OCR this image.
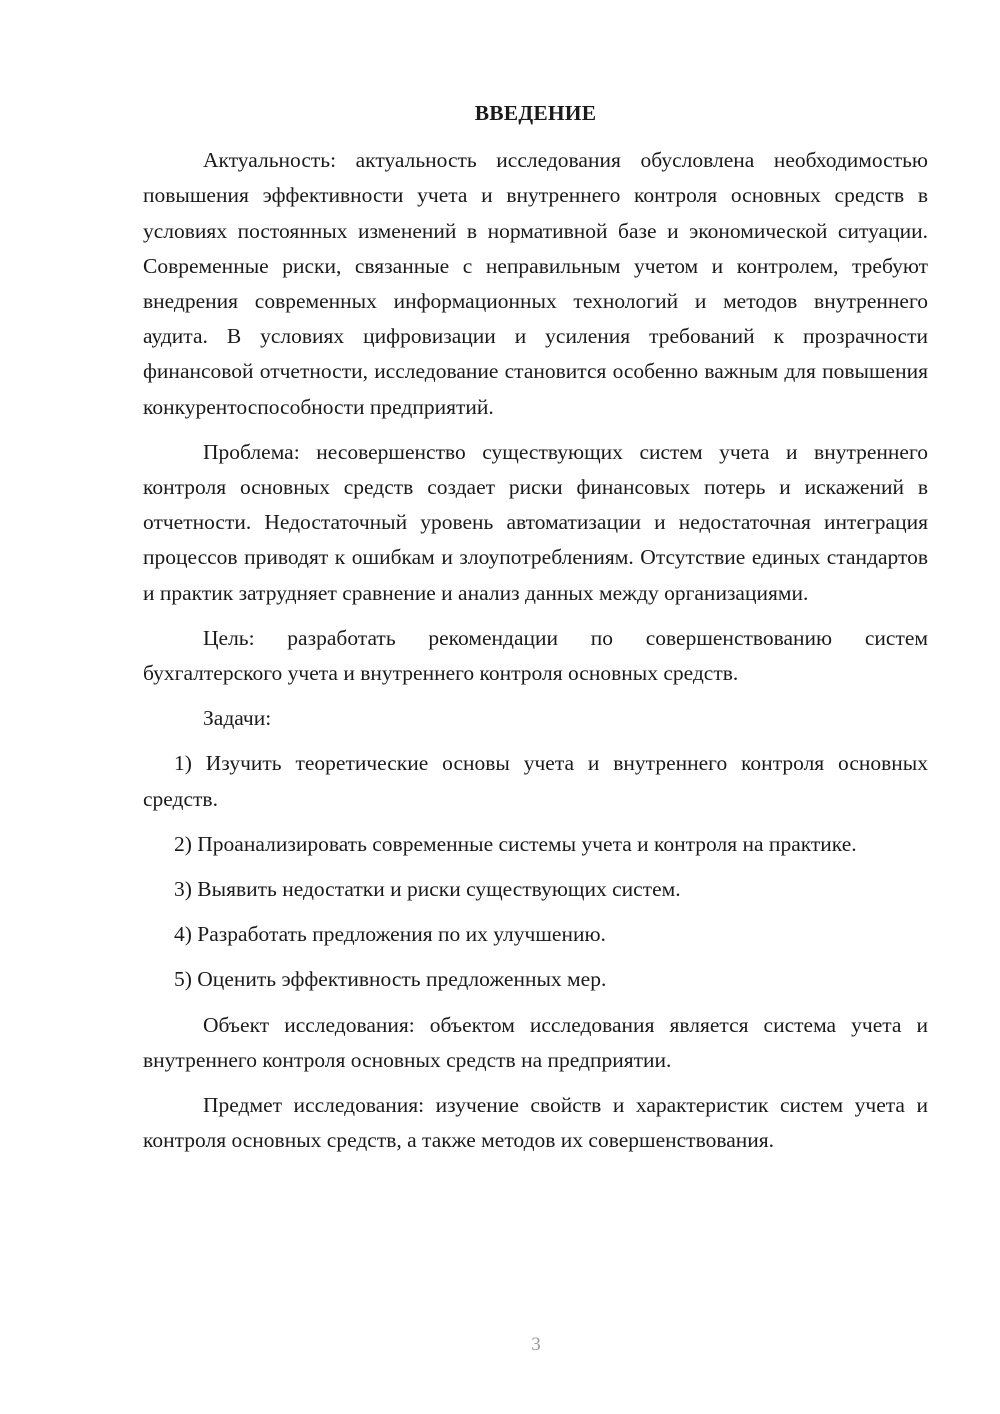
ВВЕДЕНИЕ

Актуальность: актуальность исследования обусловлена необходимостью повышения эффективности учета и внутреннего контроля основных средств в условиях постоянных изменений в нормативной базе и экономической ситуации. Современные риски, связанные с неправильным учетом и контролем, требуют внедрения современных информационных технологий и методов внутреннего аудита. В условиях цифровизации и усиления требований к прозрачности финансовой отчетности, исследование становится особенно важным для повышения конкурентоспособности предприятий.

Проблема: несовершенство существующих систем учета и внутреннего контроля основных средств создает риски финансовых потерь и искажений в отчетности. Недостаточный уровень автоматизации и недостаточная интеграция процессов приводят к ошибкам и злоупотреблениям. Отсутствие единых стандартов и практик затрудняет сравнение и анализ данных между организациями.

Цель: разработать рекомендации по совершенствованию систем бухгалтерского учета и внутреннего контроля основных средств.

Задачи:

1) Изучить теоретические основы учета и внутреннего контроля основных средств.

2) Проанализировать современные системы учета и контроля на практике.

3) Выявить недостатки и риски существующих систем.

4) Разработать предложения по их улучшению.

5) Оценить эффективность предложенных мер.

Объект исследования: объектом исследования является система учета и внутреннего контроля основных средств на предприятии.

Предмет исследования: изучение свойств и характеристик систем учета и контроля основных средств, а также методов их совершенствования.

3
